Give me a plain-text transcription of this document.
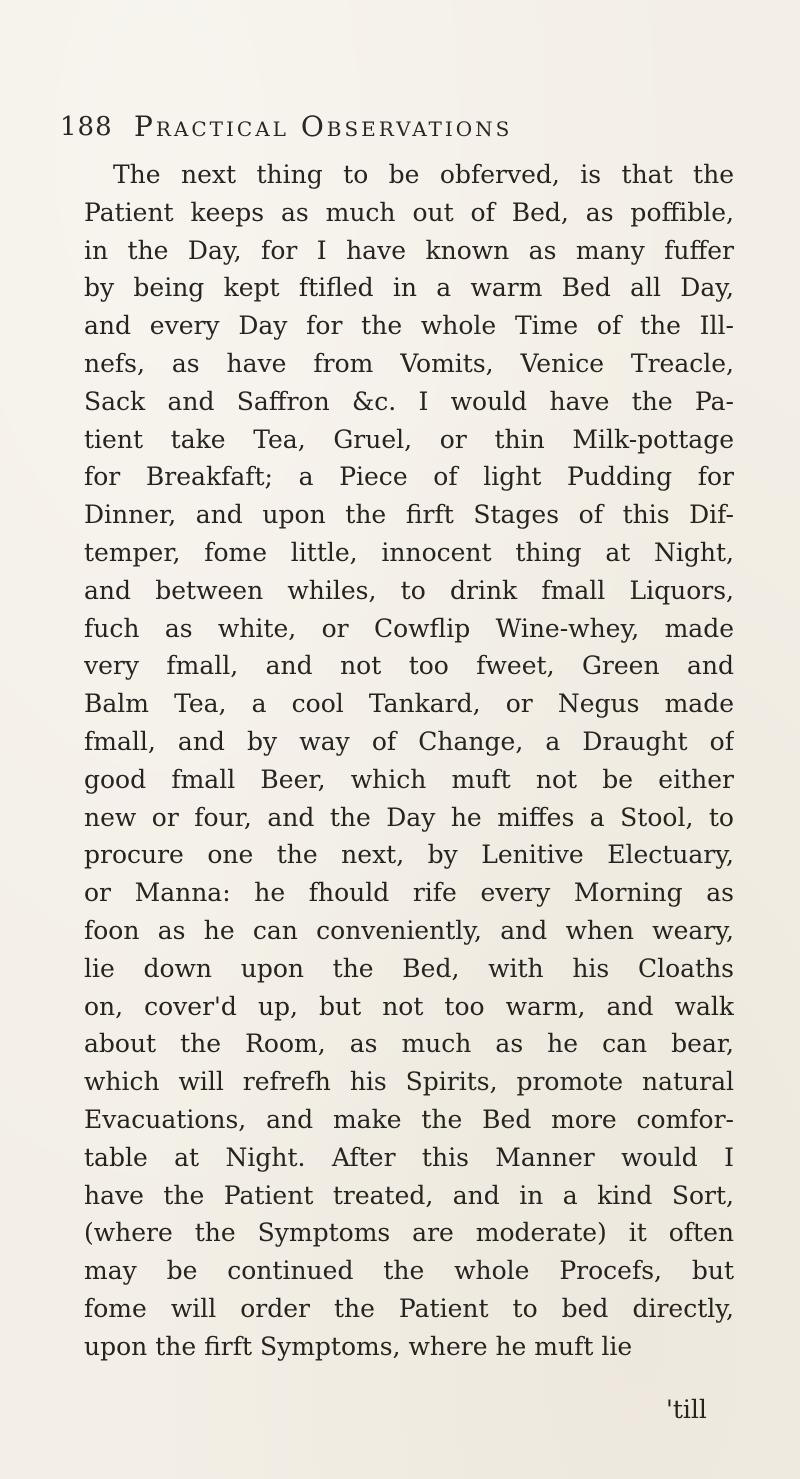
188 Practical Observations
The next thing to be obferved, is that the
Patient keeps as much out of Bed, as poffible,
in the Day, for I have known as many fuffer
by being kept ftifled in a warm Bed all Day,
and every Day for the whole Time of the Ill-
nefs, as have from Vomits, Venice Treacle,
Sack and Saffron &c. I would have the Pa-
tient take Tea, Gruel, or thin Milk-pottage
for Breakfaft; a Piece of light Pudding for
Dinner, and upon the firft Stages of this Dif-
temper, fome little, innocent thing at Night,
and between whiles, to drink fmall Liquors,
fuch as white, or Cowflip Wine-whey, made
very fmall, and not too fweet, Green and
Balm Tea, a cool Tankard, or Negus made
fmall, and by way of Change, a Draught of
good fmall Beer, which muft not be either
new or four, and the Day he miffes a Stool, to
procure one the next, by Lenitive Electuary,
or Manna: he fhould rife every Morning as
foon as he can conveniently, and when weary,
lie down upon the Bed, with his Cloaths
on, cover'd up, but not too warm, and walk
about the Room, as much as he can bear,
which will refrefh his Spirits, promote natural
Evacuations, and make the Bed more comfor-
table at Night. After this Manner would I
have the Patient treated, and in a kind Sort,
(where the Symptoms are moderate) it often
may be continued the whole Procefs, but
fome will order the Patient to bed directly,
upon the firft Symptoms, where he muft lie
'till
